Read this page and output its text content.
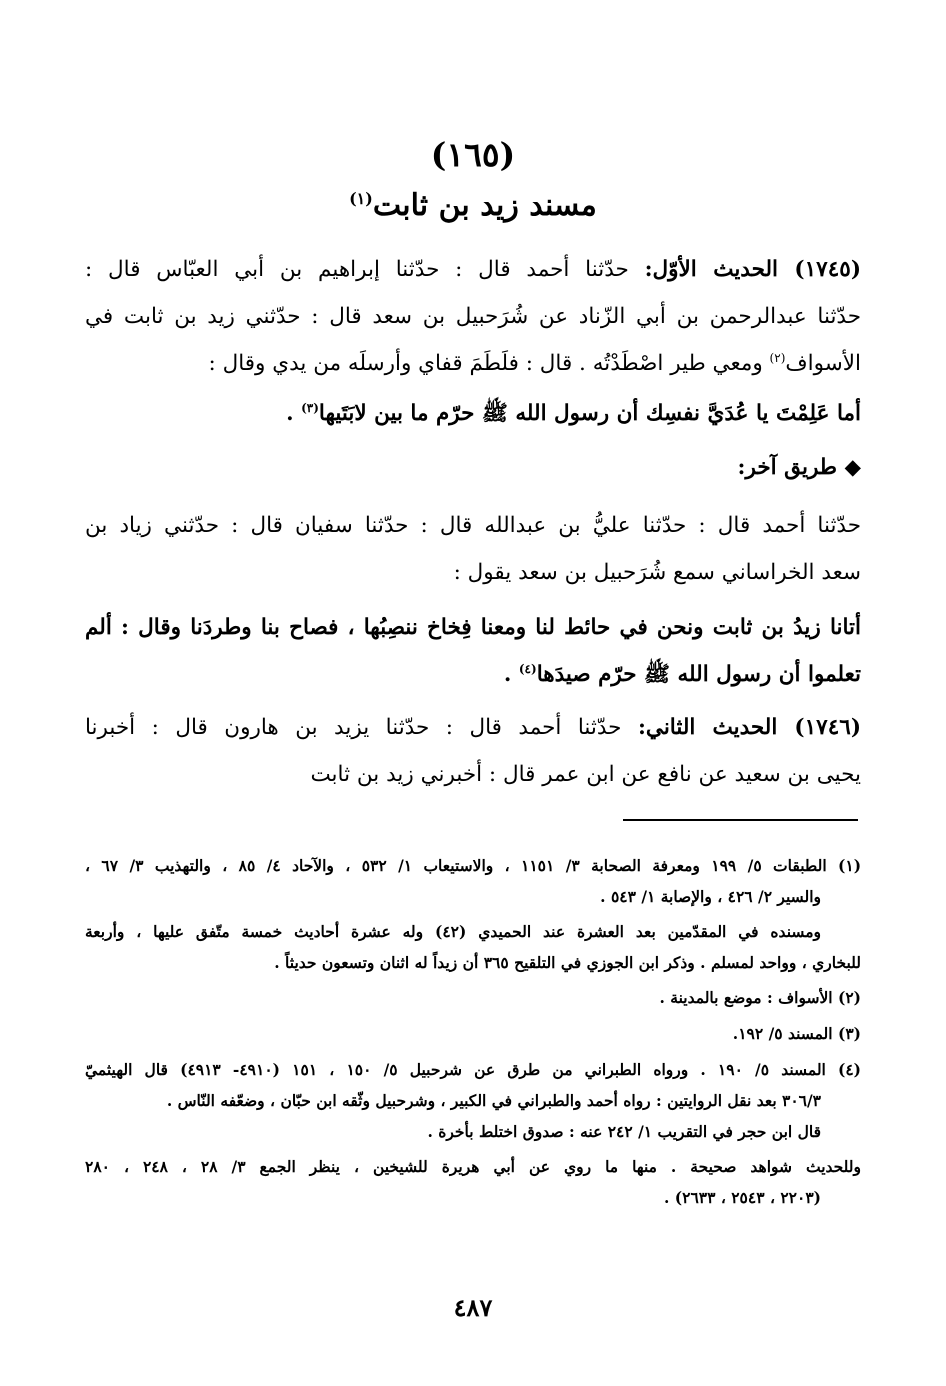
(١٦٥)
مسند زيد بن ثابت$^{(١)}$
(١٧٤٥) الحديث الأوّل: حدّثنا أحمد قال : حدّثنا إبراهيم بن أبي العبّاس قال :
حدّثنا عبدالرحمن بن أبي الزّناد عن شُرَحبيل بن سعد قال : حدّثني زيد بن ثابت في
الأسواف$^{(٢)}$ ومعي طير اصْطَدْتُه . قال : فلَطَمَ قفاي وأرسلَه من يدي وقال :
أما عَلِمْتَ يا عُدَيَّ نفسِك أن رسول الله ﷺ حرّم ما بين لابَتَيها$^{(٣)}$ .
◆ طريق آخر:
حدّثنا أحمد قال : حدّثنا عليُّ بن عبدالله قال : حدّثنا سفيان قال : حدّثني زياد بن
سعد الخراساني سمع شُرَحبيل بن سعد يقول :
أتانا زيدُ بن ثابت ونحن في حائط لنا ومعنا فِخاخ ننصِبُها ، فصاح بنا وطردَنا وقال : ألم
تعلموا أن رسول الله ﷺ حرّم صيدَها$^{(٤)}$ .
(١٧٤٦) الحديث الثاني: حدّثنا أحمد قال : حدّثنا يزيد بن هارون قال : أخبرنا
يحيى بن سعيد عن نافع عن ابن عمر قال : أخبرني زيد بن ثابت
(١) الطبقات ٥/ ١٩٩ ومعرفة الصحابة ٣/ ١١٥١ ، والاستيعاب ١/ ٥٣٢ ، والآحاد ٤/ ٨٥ ، والتهذيب ٣/ ٦٧ ،
والسير ٢/ ٤٢٦ ، والإصابة ١/ ٥٤٣ .
ومسنده في المقدّمين بعد العشرة عند الحميدي (٤٢) وله عشرة أحاديث خمسة متّفق عليها ، وأربعة
للبخاري ، وواحد لمسلم . وذكر ابن الجوزي في التلقيح ٣٦٥ أن زيداً له اثنان وتسعون حديثاً .
(٢) الأسواف : موضع بالمدينة .
(٣) المسند ٥/ ١٩٢.
(٤) المسند ٥/ ١٩٠ . ورواه الطبراني من طرق عن شرحبيل ٥/ ١٥٠ ، ١٥١ (٤٩١٠- ٤٩١٣) قال الهيثميّ
٣٠٦/٣ بعد نقل الروايتين : رواه أحمد والطبراني في الكبير ، وشرحبيل وثّقه ابن حبّان ، وضعّفه النّاس .
قال ابن حجر في التقريب ١/ ٢٤٢ عنه : صدوق اختلط بأخرة .
وللحديث شواهد صحيحة . منها ما روي عن أبي هريرة للشيخين ، ينظر الجمع ٣/ ٢٨ ، ٢٤٨ ، ٢٨٠
(٢٢٠٣ ، ٢٥٤٣ ، ٢٦٣٣) .
٤٨٧
